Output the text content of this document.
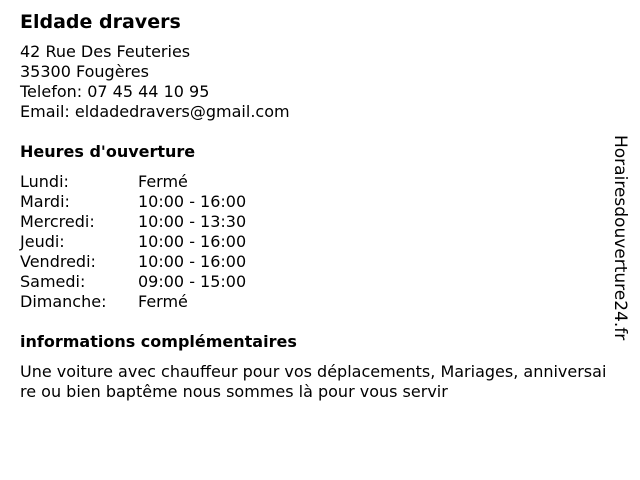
Eldade dravers
42 Rue Des Feuteries
35300 Fougères
Telefon: 07 45 44 10 95
Email: eldadedravers@gmail.com
Heures d'ouverture
Lundi:	Fermé
Mardi:	10:00 - 16:00
Mercredi:	10:00 - 13:30
Jeudi:	10:00 - 16:00
Vendredi:	10:00 - 16:00
Samedi:	09:00 - 15:00
Dimanche:	Fermé
informations complémentaires
Une voiture avec chauffeur pour vos déplacements, Mariages, anniversaire ou bien baptême nous sommes là pour vous servir
Horairesdouverture24.fr
